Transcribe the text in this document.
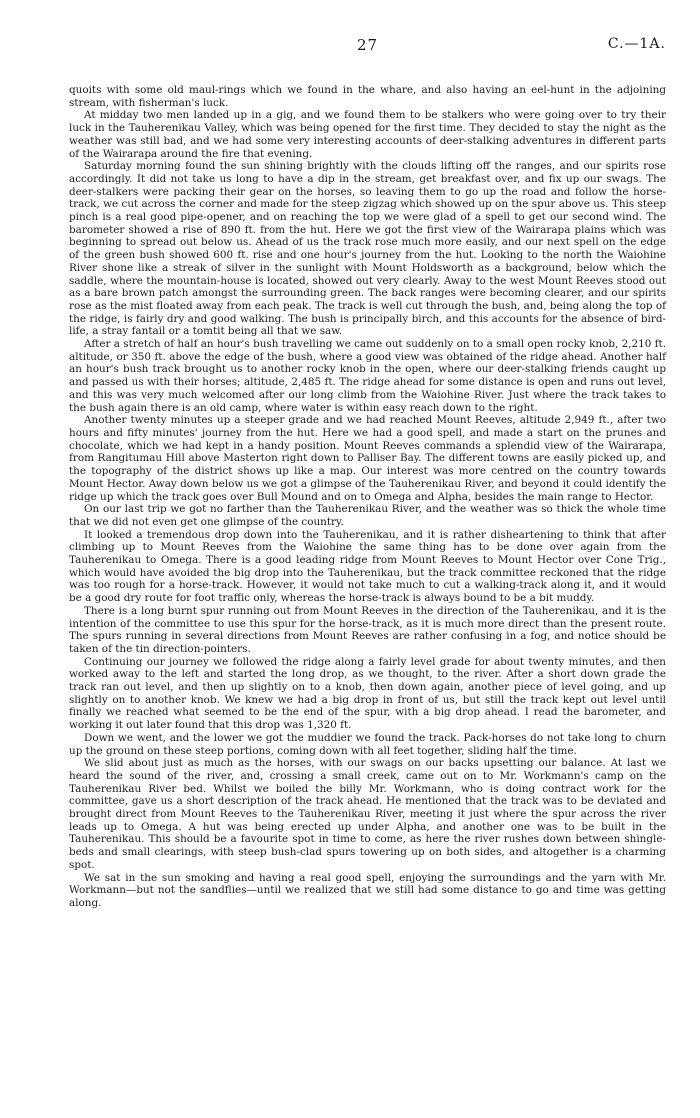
27	C.—1A.

quoits with some old maul-rings which we found in the whare, and also having an eel-hunt in the adjoining stream, with fisherman's luck.

At midday two men landed up in a gig, and we found them to be stalkers who were going over to try their luck in the Tauherenikau Valley, which was being opened for the first time. They decided to stay the night as the weather was still bad, and we had some very interesting accounts of deer-stalking adventures in different parts of the Wairarapa around the fire that evening.

Saturday morning found the sun shining brightly with the clouds lifting off the ranges, and our spirits rose accordingly. It did not take us long to have a dip in the stream, get breakfast over, and fix up our swags. The deer-stalkers were packing their gear on the horses, so leaving them to go up the road and follow the horse-track, we cut across the corner and made for the steep zigzag which showed up on the spur above us. This steep pinch is a real good pipe-opener, and on reaching the top we were glad of a spell to get our second wind. The barometer showed a rise of 890 ft. from the hut. Here we got the first view of the Wairarapa plains which was beginning to spread out below us. Ahead of us the track rose much more easily, and our next spell on the edge of the green bush showed 600 ft. rise and one hour's journey from the hut. Looking to the north the Waiohine River shone like a streak of silver in the sunlight with Mount Holdsworth as a background, below which the saddle, where the mountain-house is located, showed out very clearly. Away to the west Mount Reeves stood out as a bare brown patch amongst the surrounding green. The back ranges were becoming clearer, and our spirits rose as the mist floated away from each peak. The track is well cut through the bush, and, being along the top of the ridge, is fairly dry and good walking. The bush is principally birch, and this accounts for the absence of bird-life, a stray fantail or a tomtit being all that we saw.

After a stretch of half an hour's bush travelling we came out suddenly on to a small open rocky knob, 2,210 ft. altitude, or 350 ft. above the edge of the bush, where a good view was obtained of the ridge ahead. Another half an hour's bush track brought us to another rocky knob in the open, where our deer-stalking friends caught up and passed us with their horses; altitude, 2,485 ft. The ridge ahead for some distance is open and runs out level, and this was very much welcomed after our long climb from the Waiohine River. Just where the track takes to the bush again there is an old camp, where water is within easy reach down to the right.

Another twenty minutes up a steeper grade and we had reached Mount Reeves, altitude 2,949 ft., after two hours and fifty minutes' journey from the hut. Here we had a good spell, and made a start on the prunes and chocolate, which we had kept in a handy position. Mount Reeves commands a splendid view of the Wairarapa, from Rangitumau Hill above Masterton right down to Palliser Bay. The different towns are easily picked up, and the topography of the district shows up like a map. Our interest was more centred on the country towards Mount Hector. Away down below us we got a glimpse of the Tauherenikau River, and beyond it could identify the ridge up which the track goes over Bull Mound and on to Omega and Alpha, besides the main range to Hector.

On our last trip we got no farther than the Tauherenikau River, and the weather was so thick the whole time that we did not even get one glimpse of the country.

It looked a tremendous drop down into the Tauherenikau, and it is rather disheartening to think that after climbing up to Mount Reeves from the Waiohine the same thing has to be done over again from the Tauherenikau to Omega. There is a good leading ridge from Mount Reeves to Mount Hector over Cone Trig., which would have avoided the big drop into the Tauherenikau, but the track committee reckoned that the ridge was too rough for a horse-track. However, it would not take much to cut a walking-track along it, and it would be a good dry route for foot traffic only, whereas the horse-track is always bound to be a bit muddy.

There is a long burnt spur running out from Mount Reeves in the direction of the Tauherenikau, and it is the intention of the committee to use this spur for the horse-track, as it is much more direct than the present route. The spurs running in several directions from Mount Reeves are rather confusing in a fog, and notice should be taken of the tin direction-pointers.

Continuing our journey we followed the ridge along a fairly level grade for about twenty minutes, and then worked away to the left and started the long drop, as we thought, to the river. After a short down grade the track ran out level, and then up slightly on to a knob, then down again, another piece of level going, and up slightly on to another knob. We knew we had a big drop in front of us, but still the track kept out level until finally we reached what seemed to be the end of the spur, with a big drop ahead. I read the barometer, and working it out later found that this drop was 1,320 ft.

Down we went, and the lower we got the muddier we found the track. Pack-horses do not take long to churn up the ground on these steep portions, coming down with all feet together, sliding half the time.

We slid about just as much as the horses, with our swags on our backs upsetting our balance. At last we heard the sound of the river, and, crossing a small creek, came out on to Mr. Workmann's camp on the Tauherenikau River bed. Whilst we boiled the billy Mr. Workmann, who is doing contract work for the committee, gave us a short description of the track ahead. He mentioned that the track was to be deviated and brought direct from Mount Reeves to the Tauherenikau River, meeting it just where the spur across the river leads up to Omega. A hut was being erected up under Alpha, and another one was to be built in the Tauherenikau. This should be a favourite spot in time to come, as here the river rushes down between shingle-beds and small clearings, with steep bush-clad spurs towering up on both sides, and altogether is a charming spot.

We sat in the sun smoking and having a real good spell, enjoying the surroundings and the yarn with Mr. Workmann—but not the sandflies—until we realized that we still had some distance to go and time was getting along.
